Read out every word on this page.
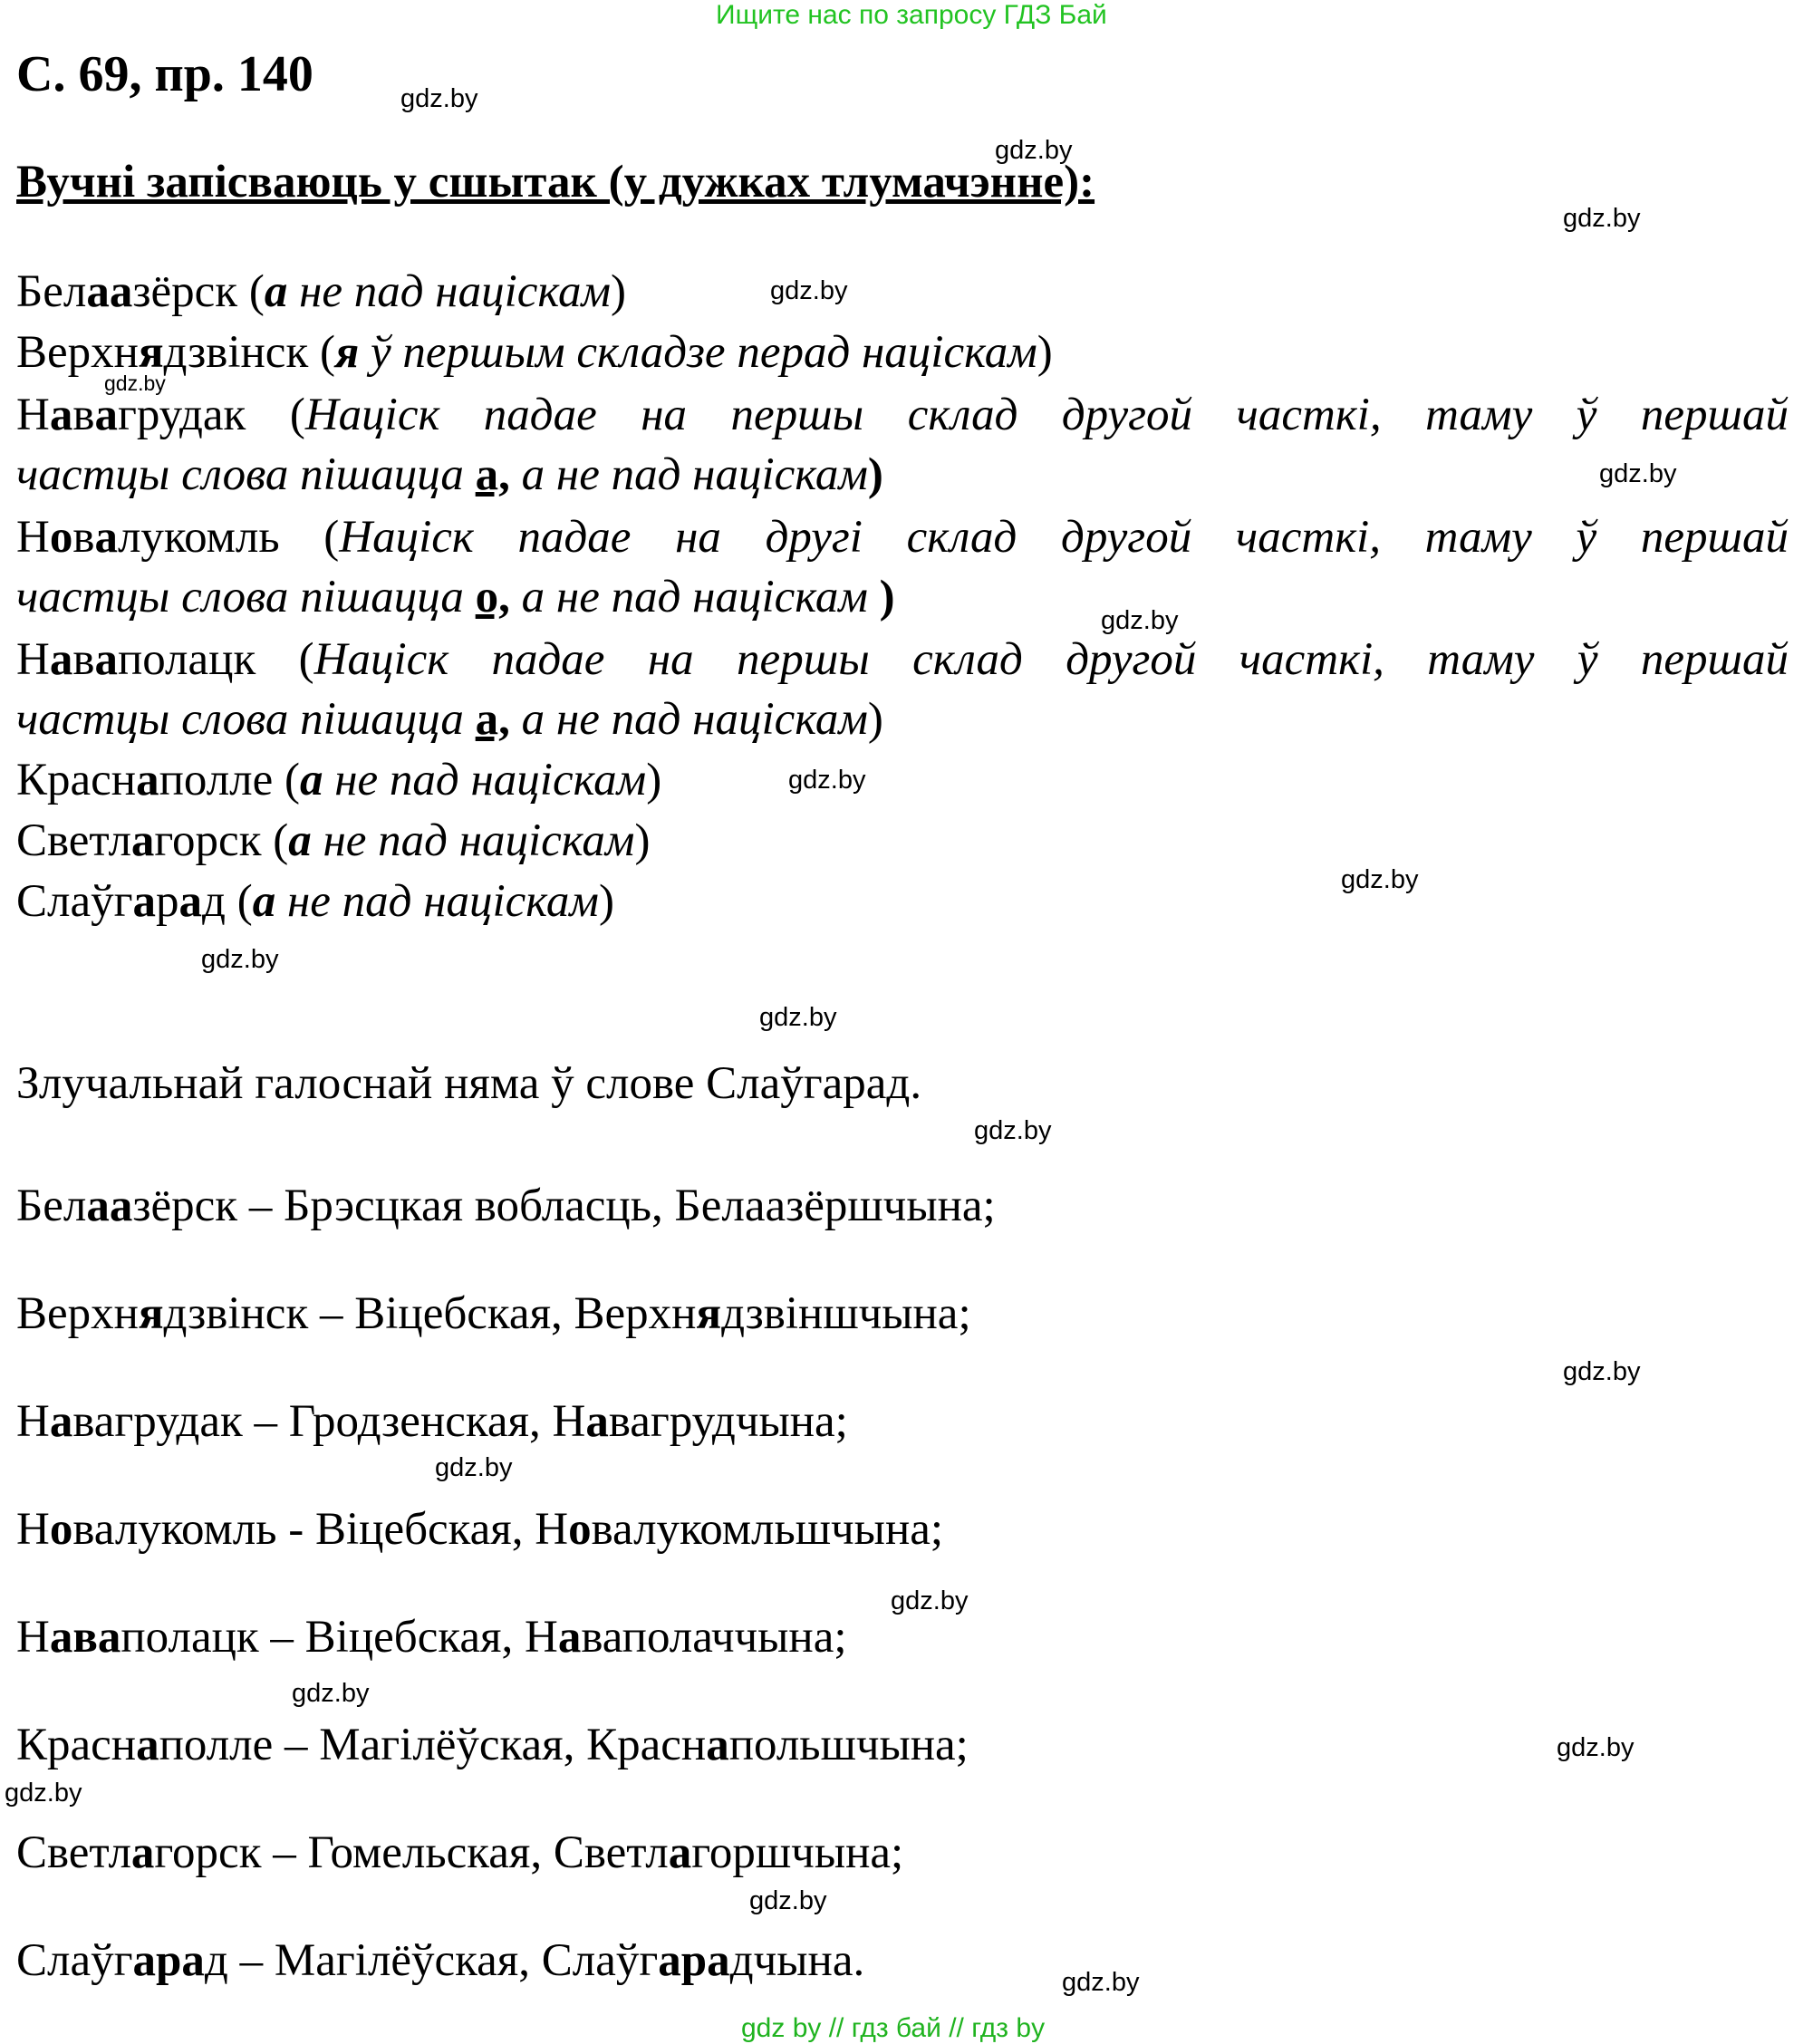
Ищите нас по запросу ГДЗ Бай
С. 69, пр. 140
Вучні запісваюць у сшытак (у дужках тлумачэнне):
Белаазёрск (а не пад націскам)
Верхнядзвінск (я ў першым складзе перад націскам)
Навагрудак (Націск падае на першы склад другой часткі, таму ў першай
частцы слова пішацца а, а не пад націскам)
Новалукомль (Націск падае на другі склад другой часткі, таму ў першай
частцы слова пішацца о, а не пад націскам )
Наваполацк (Націск падае на першы склад другой часткі, таму ў першай
частцы слова пішацца а, а не пад націскам)
Краснаполле (а не пад націскам)
Светлагорск (а не пад націскам)
Слаўгарад (а не пад націскам)
Злучальнай галоснай няма ў слове Слаўгарад.
Белаазёрск – Брэсцкая вобласць, Белаазёршчына;
Верхнядзвінск – Віцебская, Верхнядзвіншчына;
Навагрудак – Гродзенская, Навагрудчына;
Новалукомль - Віцебская, Новалукомльшчына;
Наваполацк – Віцебская, Наваполаччына;
Краснаполле – Магілёўская, Краснапольшчына;
Светлагорск – Гомельская, Светлагоршчына;
Слаўгарад – Магілёўская, Слаўгарадчына.
gdz.by
gdz.by
gdz.by
gdz.by
gdz.by
gdz.by
gdz.by
gdz.by
gdz.by
gdz.by
gdz.by
gdz.by
gdz.by
gdz.by
gdz.by
gdz.by
gdz.by
gdz.by
gdz.by
gdz.by
gdz by // гдз бай // гдз by
